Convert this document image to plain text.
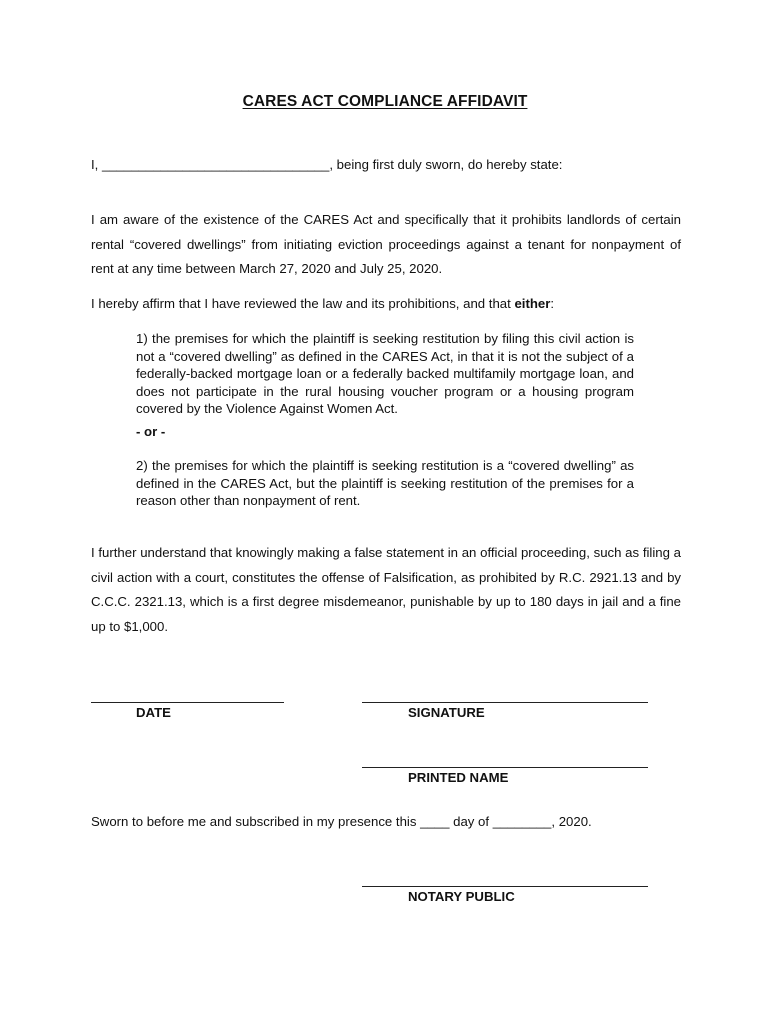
CARES ACT COMPLIANCE AFFIDAVIT
I, _______________________________, being first duly sworn, do hereby state:
I am aware of the existence of the CARES Act and specifically that it prohibits landlords of certain rental “covered dwellings” from initiating eviction proceedings against a tenant for nonpayment of rent at any time between March 27, 2020 and July 25, 2020.
I hereby affirm that I have reviewed the law and its prohibitions, and that either:
1) the premises for which the plaintiff is seeking restitution by filing this civil action is not a “covered dwelling” as defined in the CARES Act, in that it is not the subject of a federally-backed mortgage loan or a federally backed multifamily mortgage loan, and does not participate in the rural housing voucher program or a housing program covered by the Violence Against Women Act.
- or -
2) the premises for which the plaintiff is seeking restitution is a “covered dwelling” as defined in the CARES Act, but the plaintiff is seeking restitution of the premises for a reason other than nonpayment of rent.
I further understand that knowingly making a false statement in an official proceeding, such as filing a civil action with a court, constitutes the offense of Falsification, as prohibited by R.C. 2921.13 and by C.C.C. 2321.13, which is a first degree misdemeanor, punishable by up to 180 days in jail and a fine up to $1,000.
DATE	SIGNATURE
PRINTED NAME
Sworn to before me and subscribed in my presence this ____ day of ________, 2020.
NOTARY PUBLIC
